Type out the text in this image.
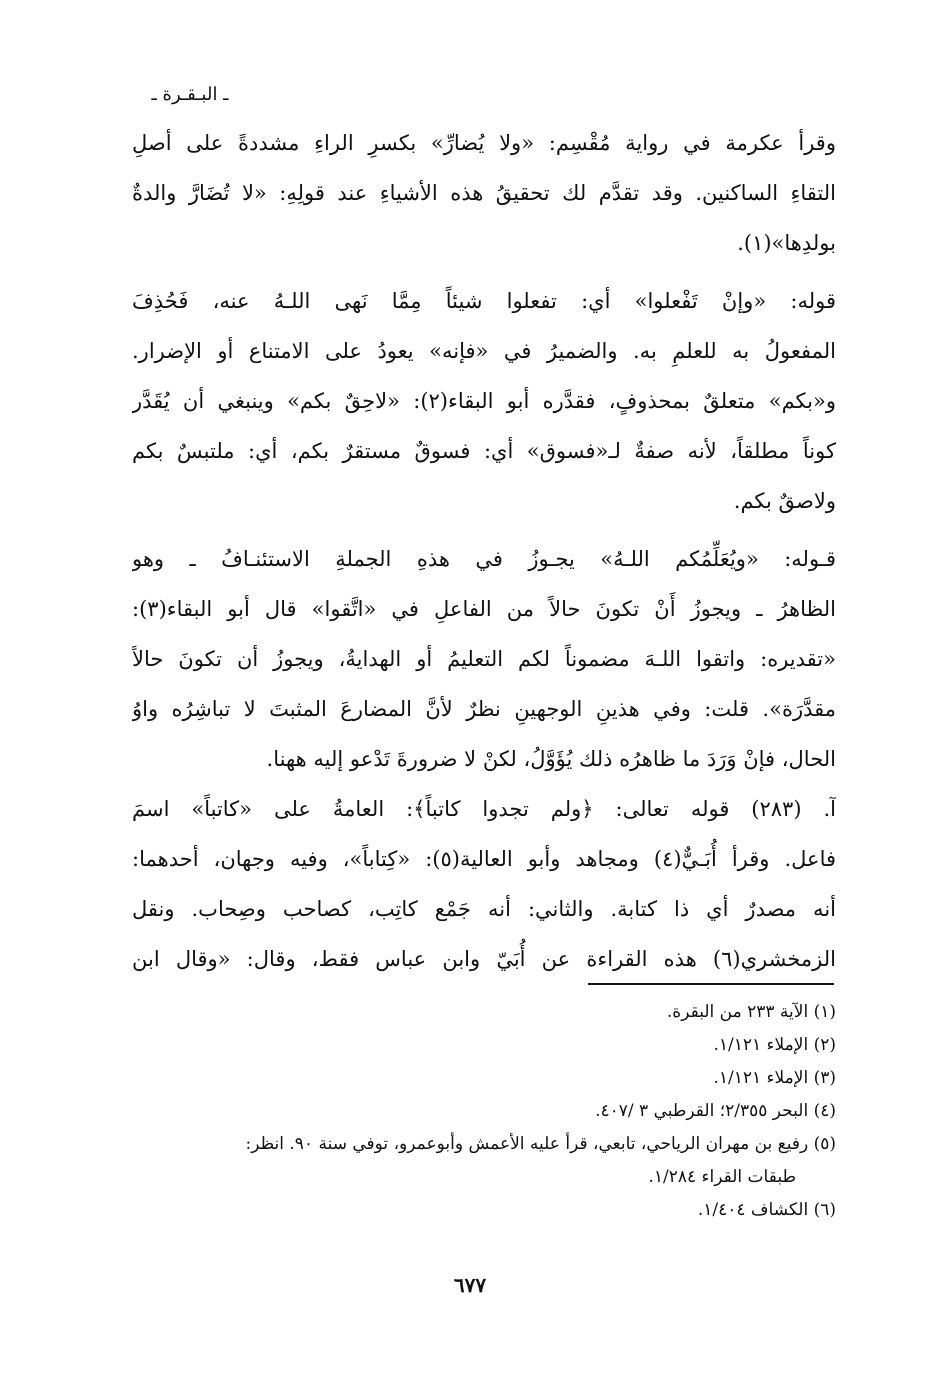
ـ البـقـرة ـ
وقرأ عكرمة في رواية مُقْسِم: «ولا يُضارِّ» بكسرِ الراءِ مشددةً على أصلِ
التقاءِ الساكنين. وقد تقدَّم لك تحقيقُ هذه الأشياءِ عند قولِهِ: «لا تُضَارَّ والدةٌ
بولدِها»(١).
قوله: «وإنْ تَفْعلوا» أي: تفعلوا شيئاً مِمَّا نَهى اللـهُ عنه، فَحُذِفَ
المفعولُ به للعلمِ به. والضميرُ في «فإنه» يعودُ على الامتناع أو الإضرار.
و«بكم» متعلقٌ بمحذوفٍ، فقدَّره أبو البقاء(٢): «لاحِقٌ بكم» وينبغي أن يُقَدَّر
كوناً مطلقاً، لأنه صفةٌ لـ«فسوق» أي: فسوقٌ مستقرٌ بكم، أي: ملتبسٌ بكم
ولاصقٌ بكم.
قـوله: «ويُعَلِّمُكم اللـهُ» يجـوزُ في هذهِ الجملةِ الاستئنـافُ ـ وهو
الظاهرُ ـ ويجوزُ أَنْ تكونَ حالاً من الفاعلِ في «اتَّقوا» قال أبو البقاء(٣):
«تقديره: واتقوا اللـهَ مضموناً لكم التعليمُ أو الهدايةُ، ويجوزُ أن تكونَ حالاً
مقدَّرَة». قلت: وفي هذينِ الوجهينِ نظرٌ لأنَّ المضارعَ المثبتَ لا تباشِرُه واوُ
الحال، فإنْ وَرَدَ ما ظاهرُه ذلك يُؤَوَّلُ، لكنْ لا ضرورةَ تَدْعو إليه ههنا.
آ. (٢٨٣) قوله تعالى: ﴿ولم تجدوا كاتباً﴾: العامةُ على «كاتباً» اسمَ
فاعل. وقرأ أُبَـيٌّ(٤) ومجاهد وأبو العالية(٥): «كِتاباً»، وفيه وجهان، أحدهما:
أنه مصدرٌ أي ذا كتابة. والثاني: أنه جَمْع كاتِب، كصاحب وصِحاب. ونقل
الزمخشري(٦) هذه القراءة عن أُبَيّ وابن عباس فقط، وقال: «وقال ابن
(١) الآية ٢٣٣ من البقرة.
(٢) الإملاء ١/١٢١.
(٣) الإملاء ١/١٢١.
(٤) البحر ٢/٣٥٥؛ القرطبي ٣ /٤٠٧.
(٥) رفيع بن مهران الرياحي، تابعي، قرأ عليه الأعمش وأبوعمرو، توفي سنة ٩٠. انظر:
طبقات القراء ١/٢٨٤.
(٦) الكشاف ١/٤٠٤.
٦٧٧
